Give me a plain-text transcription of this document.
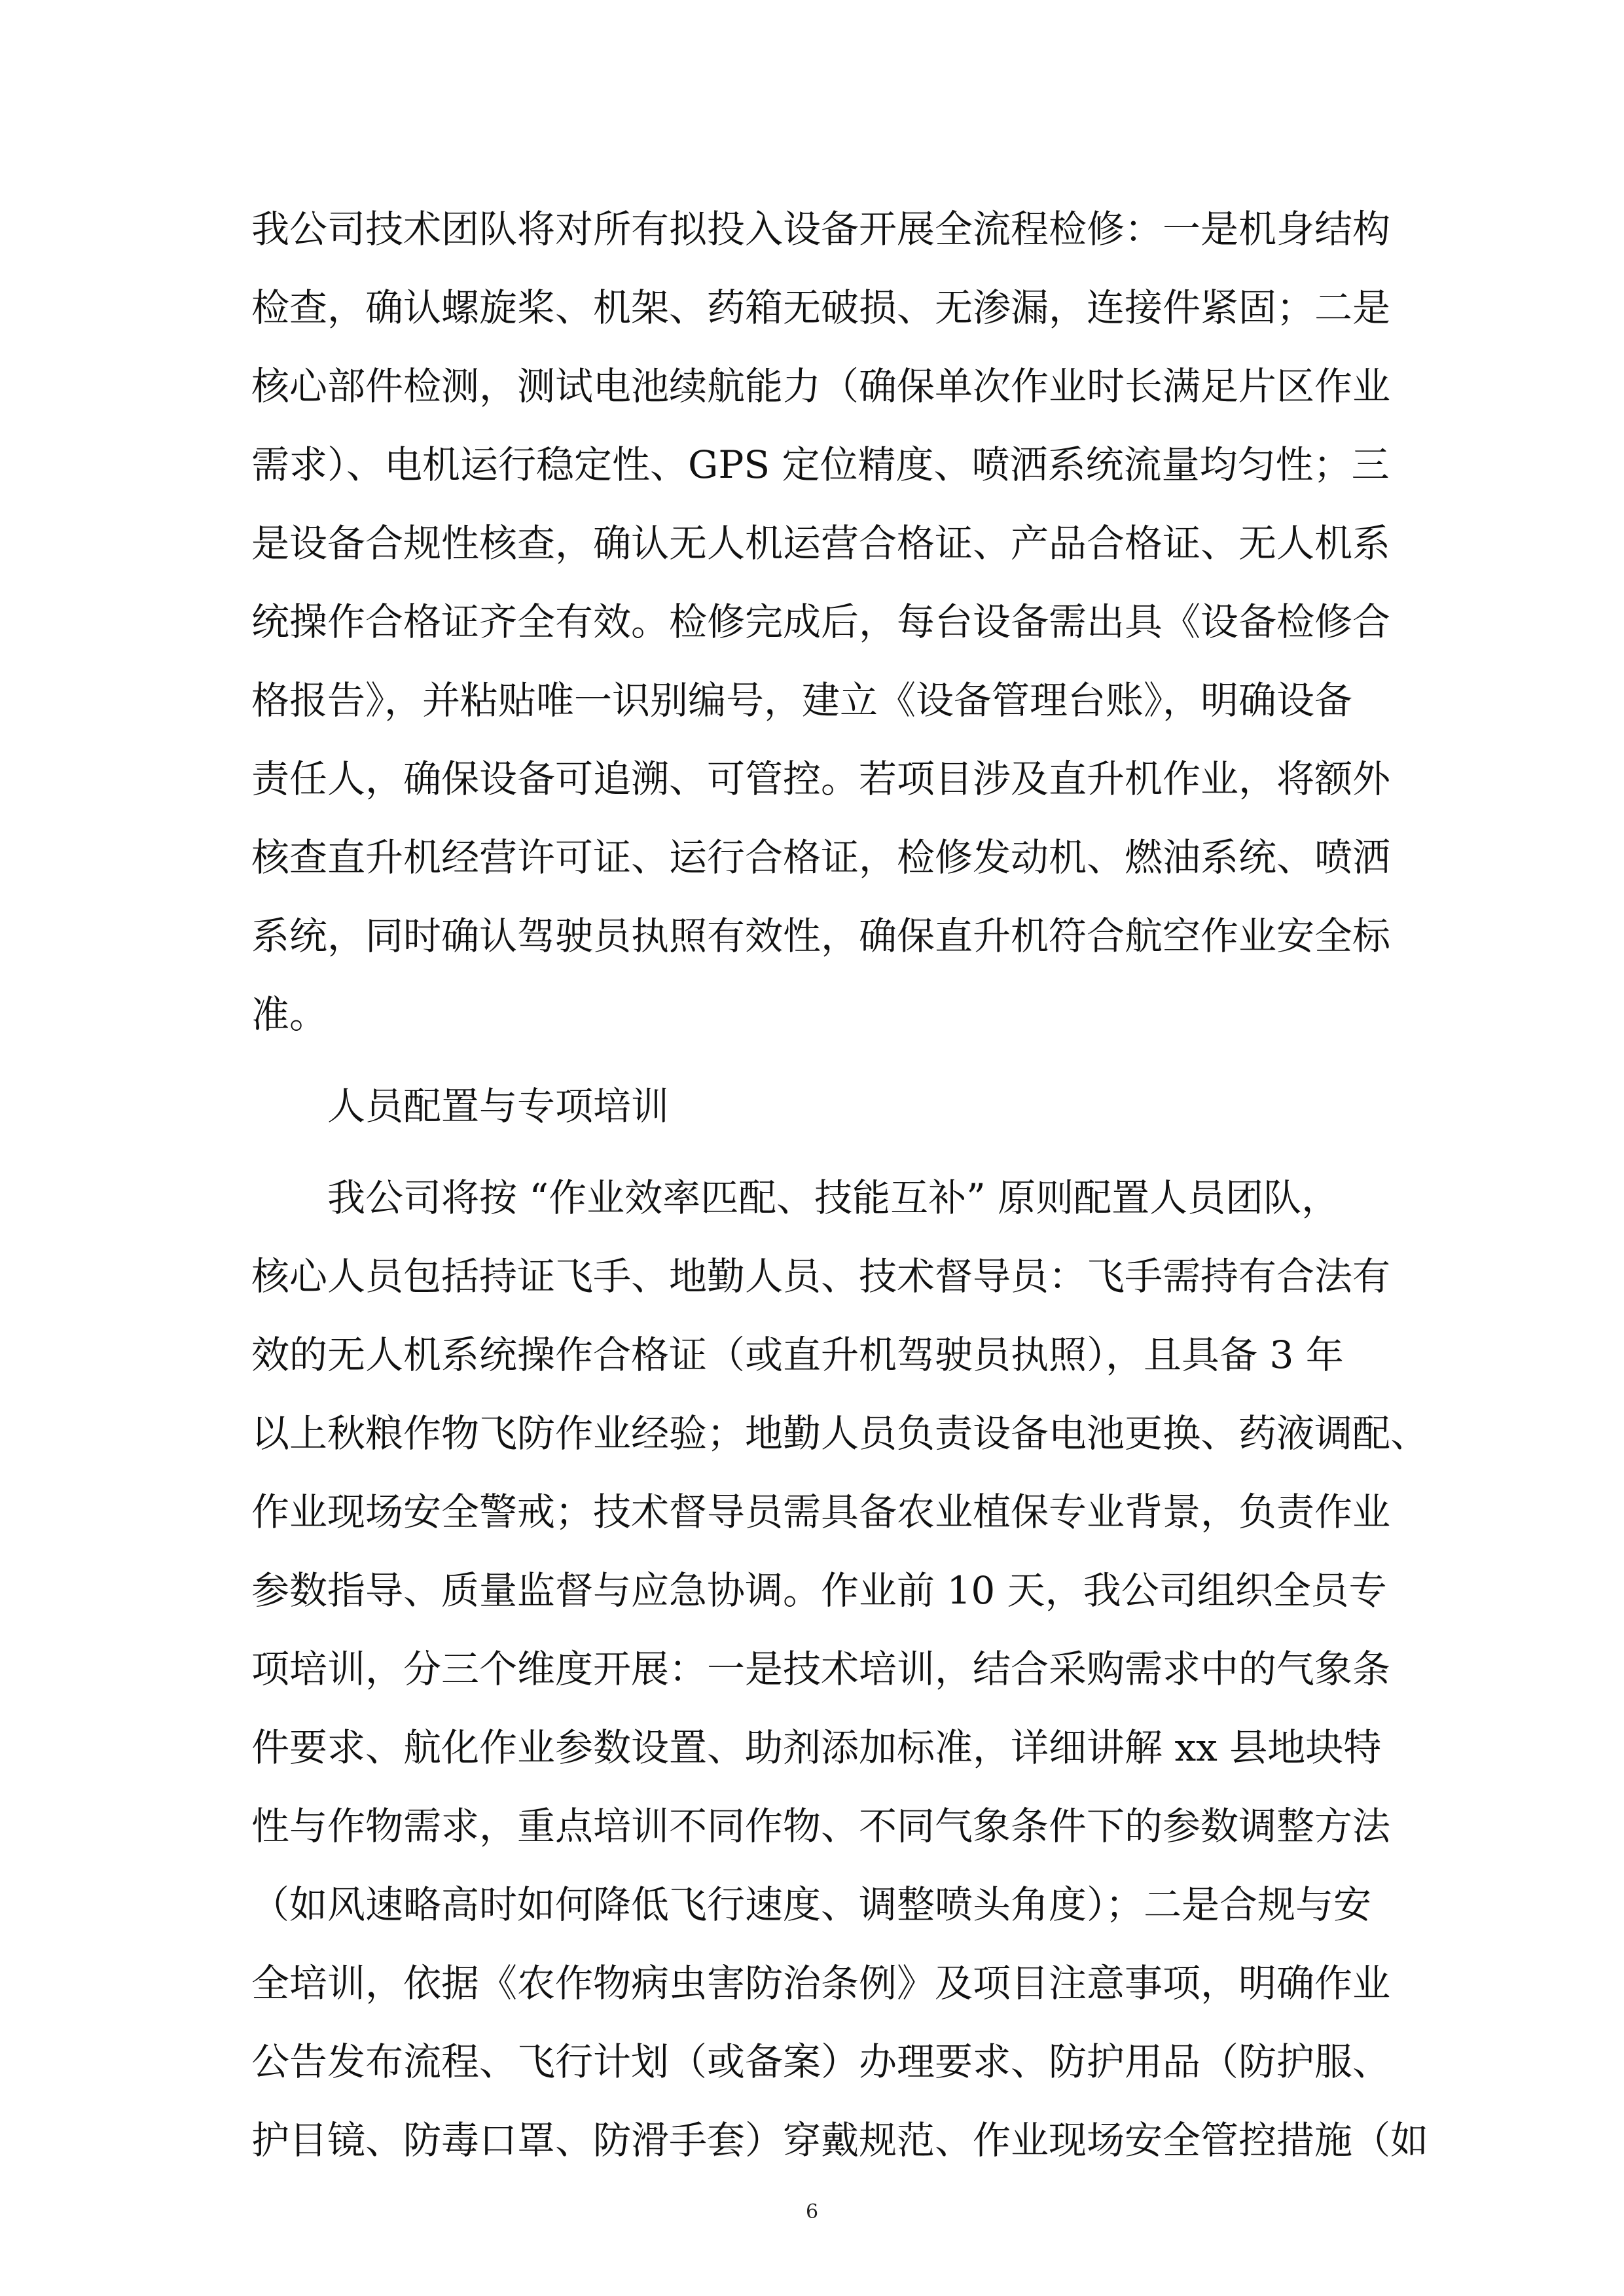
我公司技术团队将对所有拟投入设备开展全流程检修：一是机身结构
检查，确认螺旋桨、机架、药箱无破损、无渗漏，连接件紧固；二是
核心部件检测，测试电池续航能力（确保单次作业时长满足片区作业
需求）、电机运行稳定性、GPS 定位精度、喷洒系统流量均匀性；三
是设备合规性核查，确认无人机运营合格证、产品合格证、无人机系
统操作合格证齐全有效。检修完成后，每台设备需出具《设备检修合
格报告》，并粘贴唯一识别编号，建立《设备管理台账》，明确设备
责任人，确保设备可追溯、可管控。若项目涉及直升机作业，将额外
核查直升机经营许可证、运行合格证，检修发动机、燃油系统、喷洒
系统，同时确认驾驶员执照有效性，确保直升机符合航空作业安全标
准。
人员配置与专项培训
我公司将按 “作业效率匹配、技能互补” 原则配置人员团队，
核心人员包括持证飞手、地勤人员、技术督导员：飞手需持有合法有
效的无人机系统操作合格证（或直升机驾驶员执照），且具备 3 年
以上秋粮作物飞防作业经验；地勤人员负责设备电池更换、药液调配、
作业现场安全警戒；技术督导员需具备农业植保专业背景，负责作业
参数指导、质量监督与应急协调。作业前 10 天，我公司组织全员专
项培训，分三个维度开展：一是技术培训，结合采购需求中的气象条
件要求、航化作业参数设置、助剂添加标准，详细讲解 xx 县地块特
性与作物需求，重点培训不同作物、不同气象条件下的参数调整方法
（如风速略高时如何降低飞行速度、调整喷头角度）；二是合规与安
全培训，依据《农作物病虫害防治条例》及项目注意事项，明确作业
公告发布流程、飞行计划（或备案）办理要求、防护用品（防护服、
护目镜、防毒口罩、防滑手套）穿戴规范、作业现场安全管控措施（如
6
